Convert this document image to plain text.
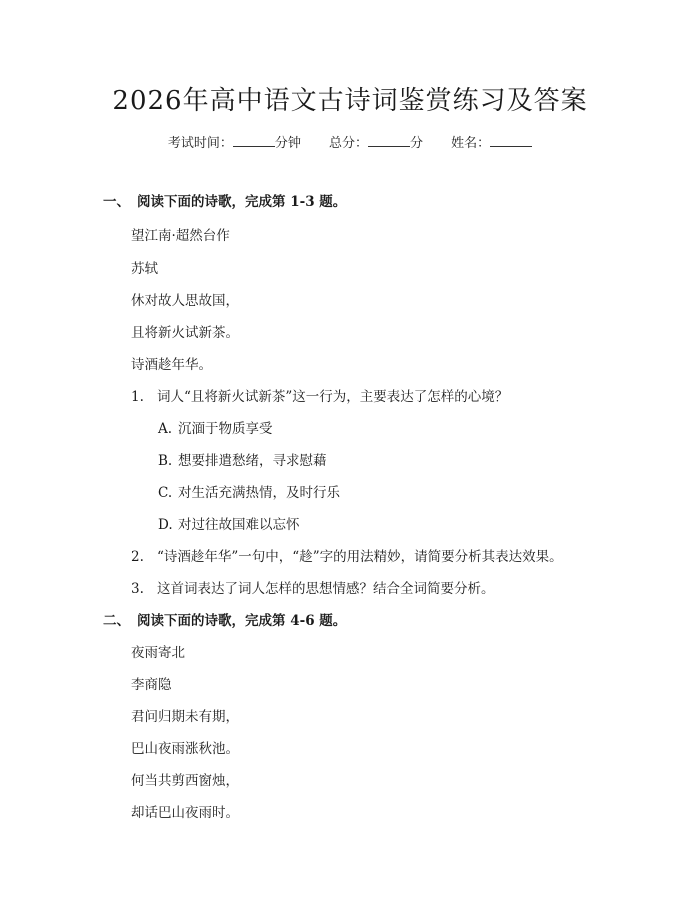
2026年高中语文古诗词鉴赏练习及答案
考试时间：	分钟 总分：	分 姓名：
一、 阅读下面的诗歌，完成第 1-3 题。
望江南·超然台作
苏轼
休对故人思故国，
且将新火试新茶。
诗酒趁年华。
1. 词人“且将新火试新茶”这一行为，主要表达了怎样的心境？
A. 沉湎于物质享受
B. 想要排遣愁绪，寻求慰藉
C. 对生活充满热情，及时行乐
D. 对过往故国难以忘怀
2. “诗酒趁年华”一句中，“趁”字的用法精妙，请简要分析其表达效果。
3. 这首词表达了词人怎样的思想情感？结合全词简要分析。
二、 阅读下面的诗歌，完成第 4-6 题。
夜雨寄北
李商隐
君问归期未有期，
巴山夜雨涨秋池。
何当共剪西窗烛，
却话巴山夜雨时。
